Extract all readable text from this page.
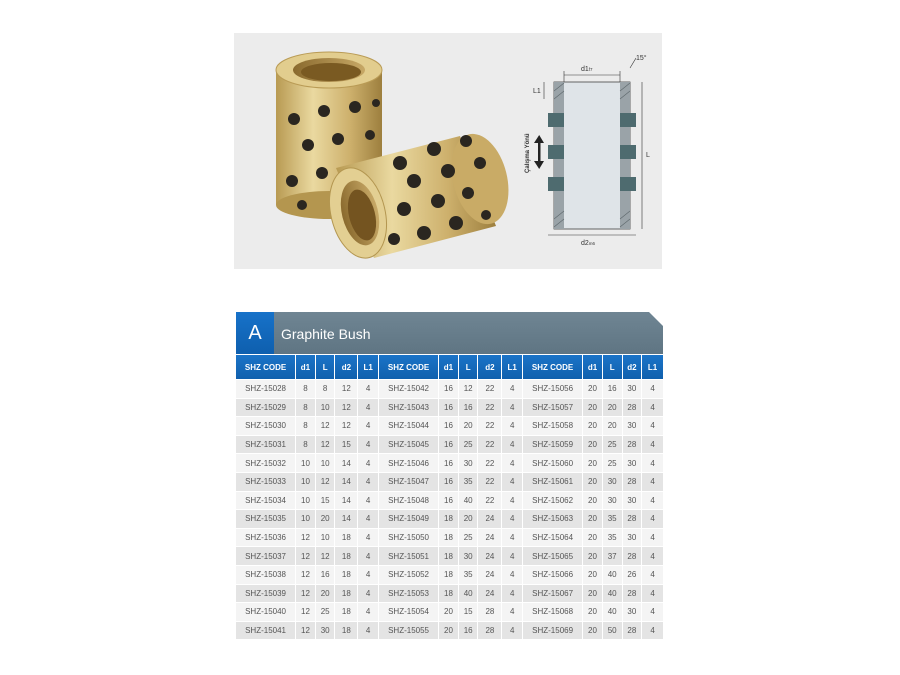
d1f7
15°
L1
L
d2m6
Çalışma Yönü
A	Graphite Bush
SHZ CODE	d1	L	d2	L1	SHZ CODE	d1	L	d2	L1	SHZ CODE	d1	L	d2	L1
SHZ-15028	8	8	12	4	SHZ-15042	16	12	22	4	SHZ-15056	20	16	30	4
SHZ-15029	8	10	12	4	SHZ-15043	16	16	22	4	SHZ-15057	20	20	28	4
SHZ-15030	8	12	12	4	SHZ-15044	16	20	22	4	SHZ-15058	20	20	30	4
SHZ-15031	8	12	15	4	SHZ-15045	16	25	22	4	SHZ-15059	20	25	28	4
SHZ-15032	10	10	14	4	SHZ-15046	16	30	22	4	SHZ-15060	20	25	30	4
SHZ-15033	10	12	14	4	SHZ-15047	16	35	22	4	SHZ-15061	20	30	28	4
SHZ-15034	10	15	14	4	SHZ-15048	16	40	22	4	SHZ-15062	20	30	30	4
SHZ-15035	10	20	14	4	SHZ-15049	18	20	24	4	SHZ-15063	20	35	28	4
SHZ-15036	12	10	18	4	SHZ-15050	18	25	24	4	SHZ-15064	20	35	30	4
SHZ-15037	12	12	18	4	SHZ-15051	18	30	24	4	SHZ-15065	20	37	28	4
SHZ-15038	12	16	18	4	SHZ-15052	18	35	24	4	SHZ-15066	20	40	26	4
SHZ-15039	12	20	18	4	SHZ-15053	18	40	24	4	SHZ-15067	20	40	28	4
SHZ-15040	12	25	18	4	SHZ-15054	20	15	28	4	SHZ-15068	20	40	30	4
SHZ-15041	12	30	18	4	SHZ-15055	20	16	28	4	SHZ-15069	20	50	28	4
